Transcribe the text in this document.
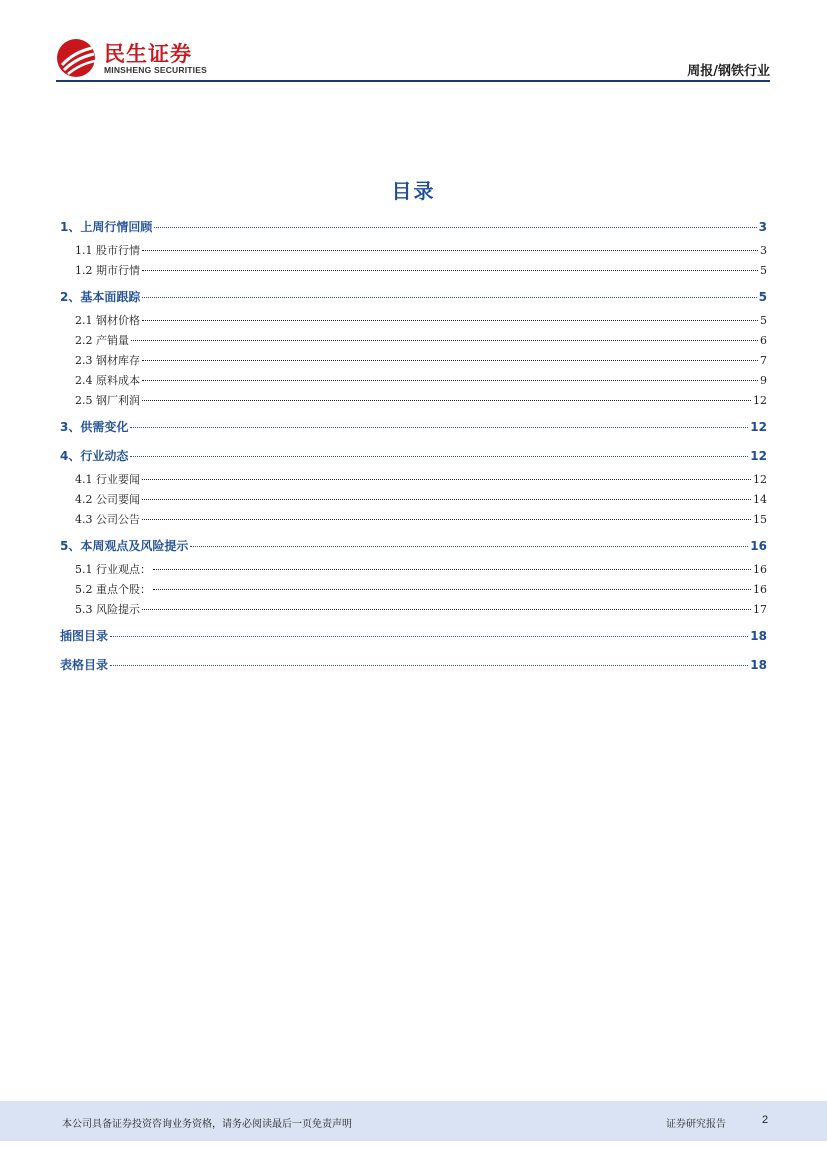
民生证券
MINSHENG SECURITIES	周报/钢铁行业
目录
1、上周行情回顾	3
1.1 股市行情	3
1.2 期市行情	5
2、基本面跟踪	5
2.1 钢材价格	5
2.2 产销量	6
2.3 钢材库存	7
2.4 原料成本	9
2.5 钢厂利润	12
3、供需变化	12
4、行业动态	12
4.1 行业要闻	12
4.2 公司要闻	14
4.3 公司公告	15
5、本周观点及风险提示	16
5.1 行业观点：	16
5.2 重点个股：	16
5.3 风险提示	17
插图目录	18
表格目录	18
本公司具备证券投资咨询业务资格，请务必阅读最后一页免责声明	证券研究报告	2
